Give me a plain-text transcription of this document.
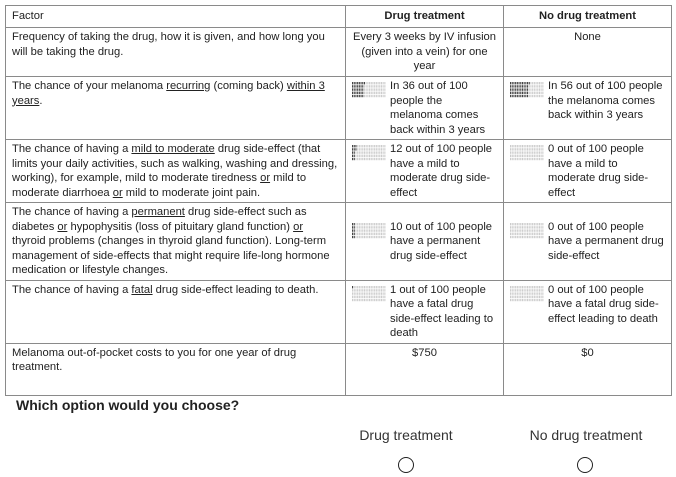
Factor	Drug treatment	No drug treatment
Frequency of taking the drug, how it is given, and how long you will be taking the drug.	Every 3 weeks by IV infusion (given into a vein) for one year	None
The chance of your melanoma recurring (coming back) within 3 years.	In 36 out of 100 people the melanoma comes back within 3 years	In 56 out of 100 people the melanoma comes back within 3 years

The chance of having a mild to moderate drug side-effect (that limits your daily activities, such as walking, washing and dressing, working), for example, mild to moderate tiredness or mild to moderate diarrhoea or mild to moderate joint pain.	12 out of 100 people have a mild to moderate drug side-effect	0 out of 100 people have a mild to moderate drug side-effect

The chance of having a permanent drug side-effect such as diabetes or hypophysitis (loss of pituitary gland function) or thyroid problems (changes in thyroid gland function). Long-term management of side-effects that might require life-long hormone medication or lifestyle changes.	10 out of 100 people have a permanent drug side-effect	0 out of 100 people have a permanent drug side-effect

The chance of having a fatal drug side-effect leading to death.	1 out of 100 people have a fatal drug side-effect leading to death	0 out of 100 people have a fatal drug side-effect leading to death

Melanoma out-of-pocket costs to you for one year of drug treatment.	$750	$0
Which option would you choose?
Drug treatment	No drug treatment
